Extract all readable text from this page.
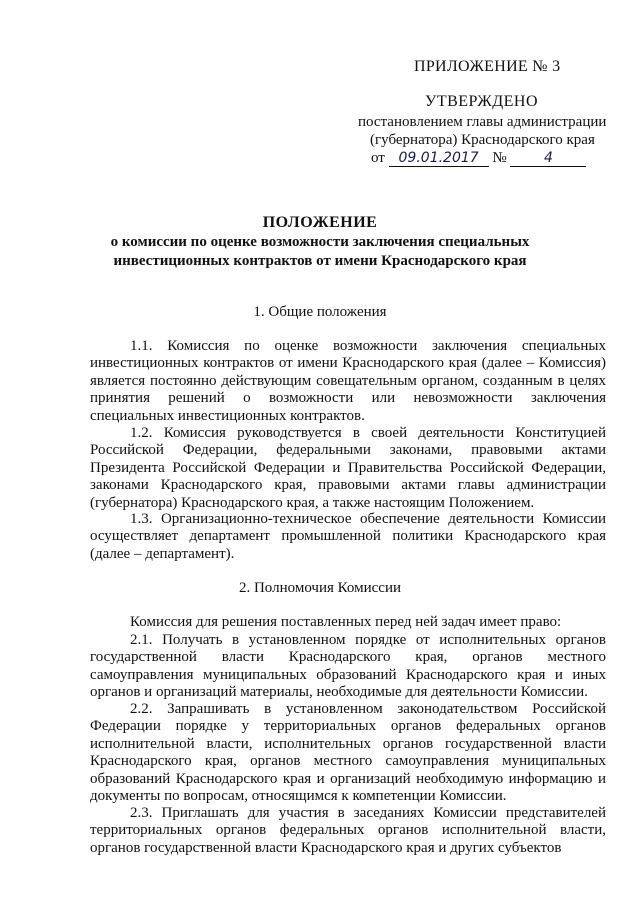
ПРИЛОЖЕНИЕ № 3
УТВЕРЖДЕНО
постановлением главы администрации
(губернатора) Краснодарского края
от 09.01.2017 №	4
ПОЛОЖЕНИЕ
о комиссии по оценке возможности заключения специальных
инвестиционных контрактов от имени Краснодарского края
1. Общие положения
1.1. Комиссия по оценке возможности заключения специальных инвестиционных контрактов от имени Краснодарского края (далее – Комиссия) является постоянно действующим совещательным органом, созданным в целях принятия решений о возможности или невозможности заключения специальных инвестиционных контрактов.
1.2. Комиссия руководствуется в своей деятельности Конституцией Российской Федерации, федеральными законами, правовыми актами Президента Российской Федерации и Правительства Российской Федерации, законами Краснодарского края, правовыми актами главы администрации (губернатора) Краснодарского края, а также настоящим Положением.
1.3. Организационно-техническое обеспечение деятельности Комиссии осуществляет департамент промышленной политики Краснодарского края (далее – департамент).
2. Полномочия Комиссии
Комиссия для решения поставленных перед ней задач имеет право:
2.1. Получать в установленном порядке от исполнительных органов государственной власти Краснодарского края, органов местного самоуправления муниципальных образований Краснодарского края и иных органов и организаций материалы, необходимые для деятельности Комиссии.
2.2. Запрашивать в установленном законодательством Российской Федерации порядке у территориальных органов федеральных органов исполнительной власти, исполнительных органов государственной власти Краснодарского края, органов местного самоуправления муниципальных образований Краснодарского края и организаций необходимую информацию и документы по вопросам, относящимся к компетенции Комиссии.
2.3. Приглашать для участия в заседаниях Комиссии представителей территориальных органов федеральных органов исполнительной власти, органов государственной власти Краснодарского края и других субъектов
